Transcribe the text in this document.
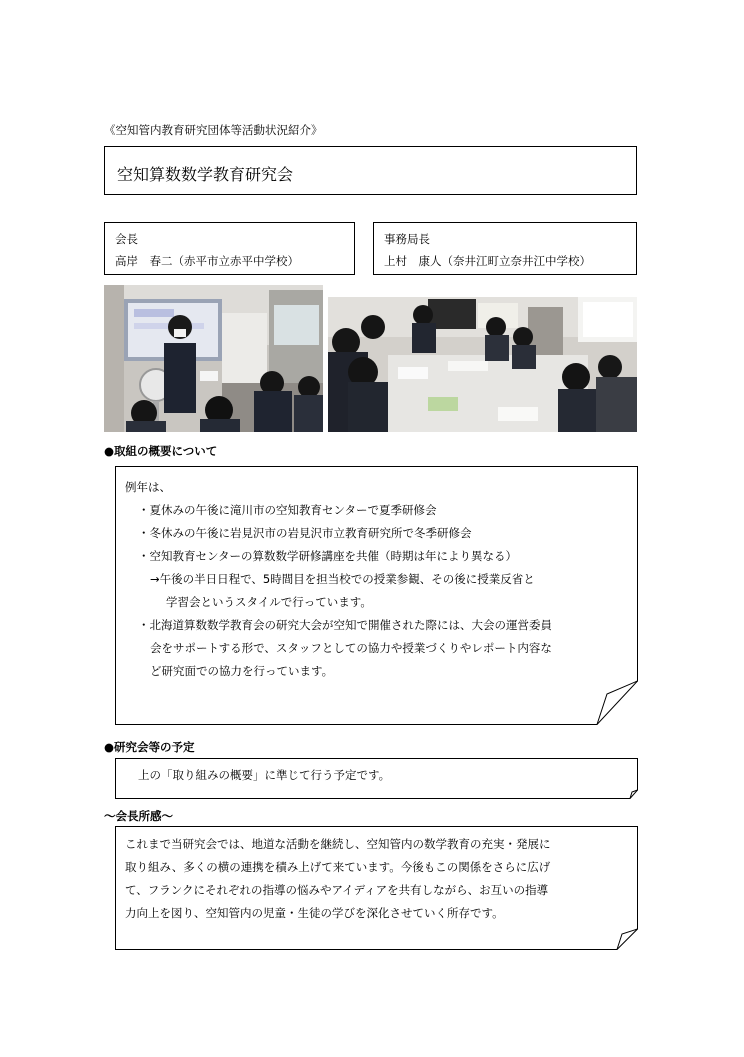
《空知管内教育研究団体等活動状況紹介》
空知算数数学教育研究会
会長
高岸　春二（赤平市立赤平中学校）
事務局長
上村　康人（奈井江町立奈井江中学校）
●取組の概要について
例年は、
・夏休みの午後に滝川市の空知教育センターで夏季研修会
・冬休みの午後に岩見沢市の岩見沢市立教育研究所で冬季研修会
・空知教育センターの算数数学研修講座を共催（時期は年により異なる）
→午後の半日日程で、5時間目を担当校での授業参観、その後に授業反省と
学習会というスタイルで行っています。
・北海道算数数学教育会の研究大会が空知で開催された際には、大会の運営委員
会をサポートする形で、スタッフとしての協力や授業づくりやレポート内容な
ど研究面での協力を行っています。
●研究会等の予定
上の「取り組みの概要」に準じて行う予定です。
～会長所感～
これまで当研究会では、地道な活動を継続し、空知管内の数学教育の充実・発展に
取り組み、多くの横の連携を積み上げて来ています。今後もこの関係をさらに広げ
て、フランクにそれぞれの指導の悩みやアイディアを共有しながら、お互いの指導
力向上を図り、空知管内の児童・生徒の学びを深化させていく所存です。
